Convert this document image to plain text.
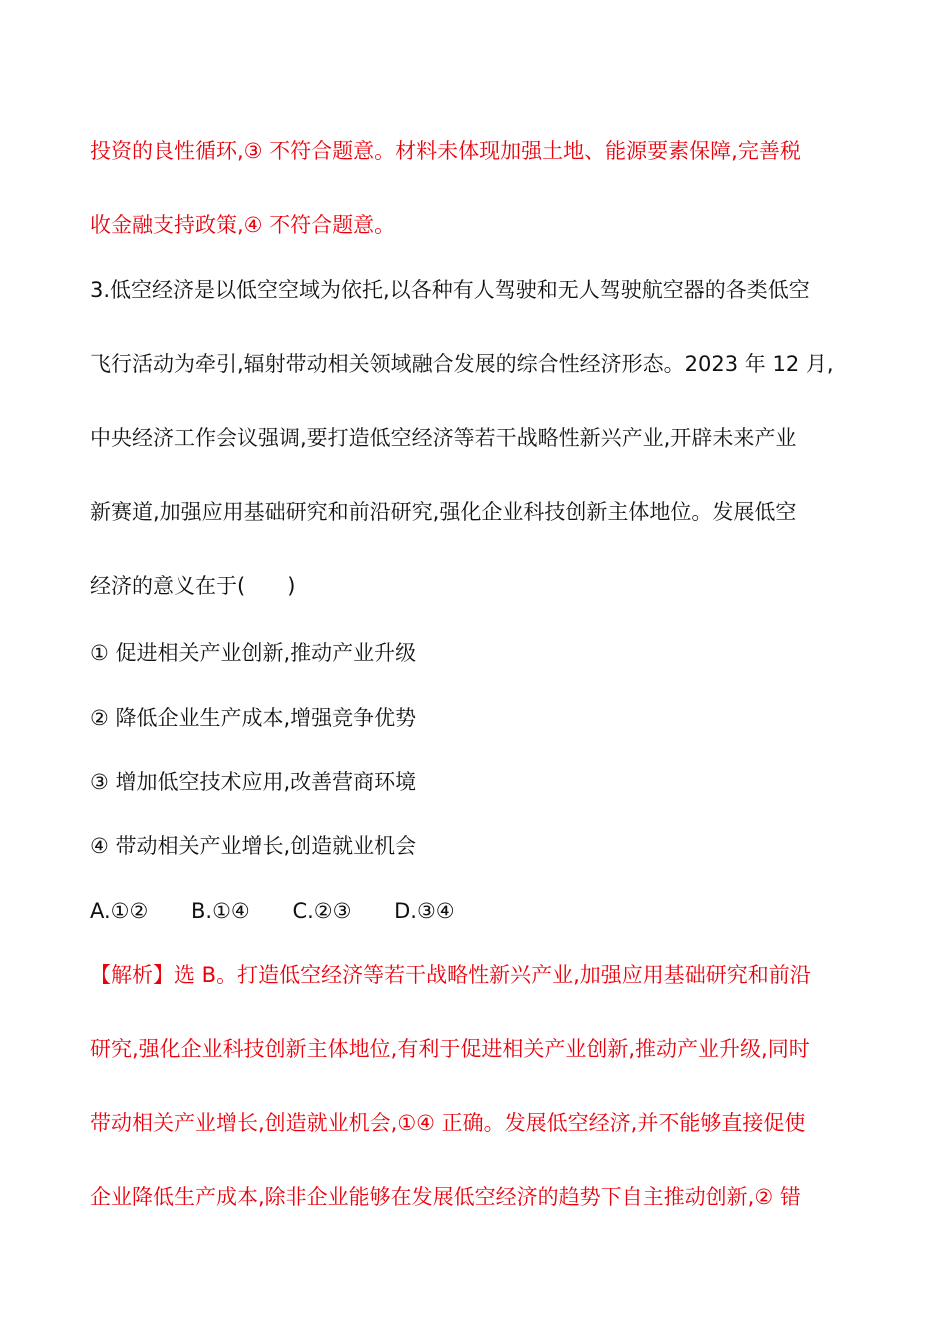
投资的良性循环,③ 不符合题意。材料未体现加强土地、能源要素保障,完善税
收金融支持政策,④ 不符合题意。
3.低空经济是以低空空域为依托,以各种有人驾驶和无人驾驶航空器的各类低空
飞行活动为牵引,辐射带动相关领域融合发展的综合性经济形态。2023 年 12 月,
中央经济工作会议强调,要打造低空经济等若干战略性新兴产业,开辟未来产业
新赛道,加强应用基础研究和前沿研究,强化企业科技创新主体地位。发展低空
经济的意义在于(　　)
① 促进相关产业创新,推动产业升级
② 降低企业生产成本,增强竞争优势
③ 增加低空技术应用,改善营商环境
④ 带动相关产业增长,创造就业机会
A.①② B.①④ C.②③ D.③④
【解析】选 B。打造低空经济等若干战略性新兴产业,加强应用基础研究和前沿
研究,强化企业科技创新主体地位,有利于促进相关产业创新,推动产业升级,同时
带动相关产业增长,创造就业机会,①④ 正确。发展低空经济,并不能够直接促使
企业降低生产成本,除非企业能够在发展低空经济的趋势下自主推动创新,② 错
